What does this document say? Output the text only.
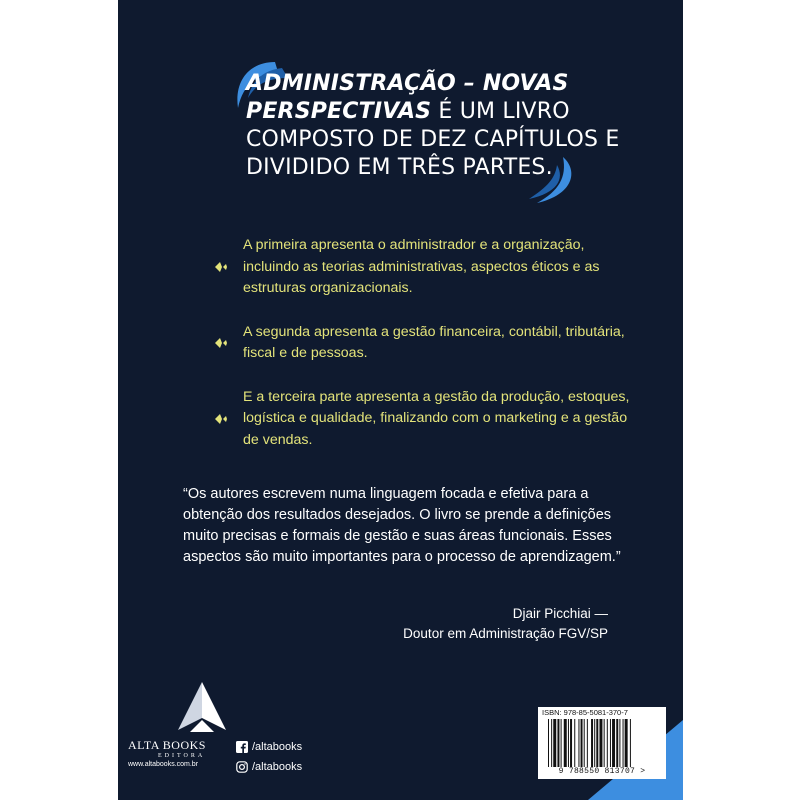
ADMINISTRAÇÃO – NOVAS PERSPECTIVAS É UM LIVRO COMPOSTO DE DEZ CAPÍTULOS E DIVIDIDO EM TRÊS PARTES.
A primeira apresenta o administrador e a organização, incluindo as teorias administrativas, aspectos éticos e as estruturas organizacionais.
A segunda apresenta a gestão financeira, contábil, tributária, fiscal e de pessoas.
E a terceira parte apresenta a gestão da produção, estoques, logística e qualidade, finalizando com o marketing e a gestão de vendas.
“Os autores escrevem numa linguagem focada e efetiva para a obtenção dos resultados desejados. O livro se prende a definições muito precisas e formais de gestão e suas áreas funcionais. Esses aspectos são muito importantes para o processo de aprendizagem.”
Djair Picchiai —
Doutor em Administração FGV/SP
ALTA BOOKS
EDITORA
www.altabooks.com.br
/altabooks
/altabooks
ISBN: 978-85-5081-370-7
9 788550 813707 >
